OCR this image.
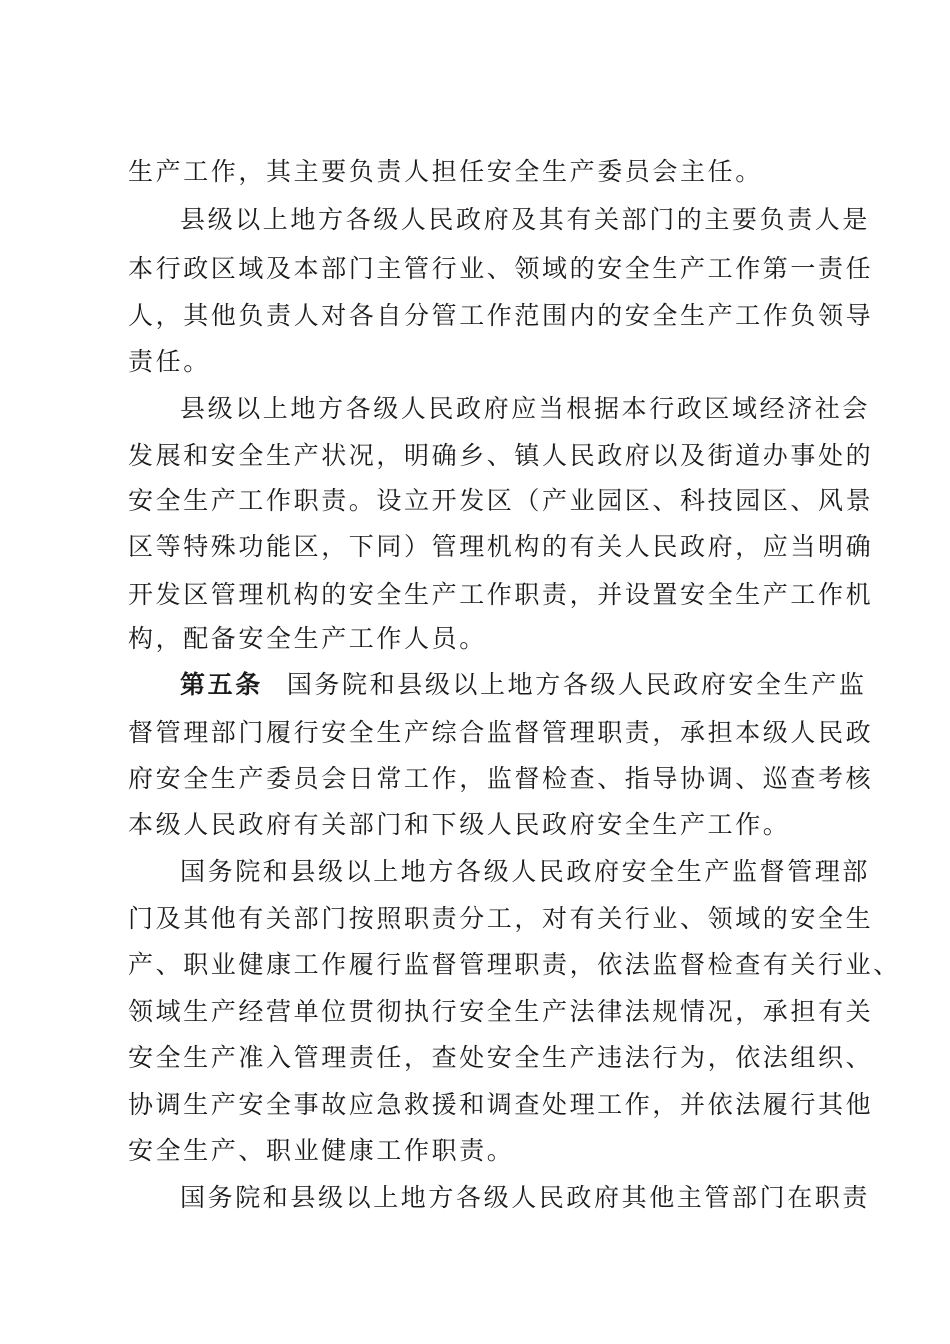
生产工作，其主要负责人担任安全生产委员会主任。
县级以上地方各级人民政府及其有关部门的主要负责人是
本行政区域及本部门主管行业、领域的安全生产工作第一责任
人，其他负责人对各自分管工作范围内的安全生产工作负领导
责任。
县级以上地方各级人民政府应当根据本行政区域经济社会
发展和安全生产状况，明确乡、镇人民政府以及街道办事处的
安全生产工作职责。设立开发区（产业园区、科技园区、风景
区等特殊功能区，下同）管理机构的有关人民政府，应当明确
开发区管理机构的安全生产工作职责，并设置安全生产工作机
构，配备安全生产工作人员。
第五条 国务院和县级以上地方各级人民政府安全生产监
督管理部门履行安全生产综合监督管理职责，承担本级人民政
府安全生产委员会日常工作，监督检查、指导协调、巡查考核
本级人民政府有关部门和下级人民政府安全生产工作。
国务院和县级以上地方各级人民政府安全生产监督管理部
门及其他有关部门按照职责分工，对有关行业、领域的安全生
产、职业健康工作履行监督管理职责，依法监督检查有关行业、
领域生产经营单位贯彻执行安全生产法律法规情况，承担有关
安全生产准入管理责任，查处安全生产违法行为，依法组织、
协调生产安全事故应急救援和调查处理工作，并依法履行其他
安全生产、职业健康工作职责。
国务院和县级以上地方各级人民政府其他主管部门在职责
